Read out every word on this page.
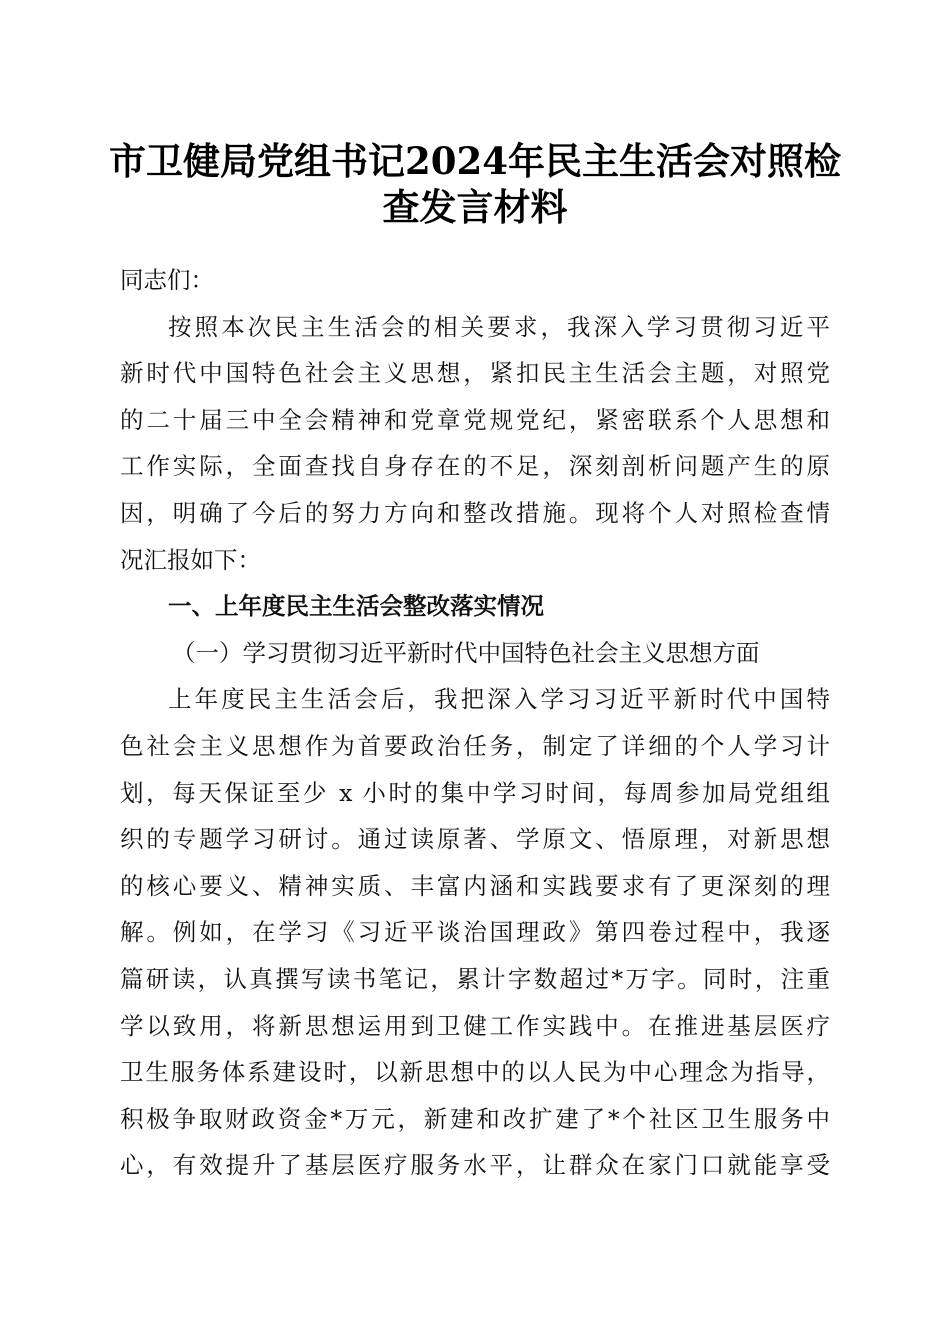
市卫健局党组书记2024年民主生活会对照检
查发言材料
同志们：
按照本次民主生活会的相关要求，我深入学习贯彻习近平
新时代中国特色社会主义思想，紧扣民主生活会主题，对照党
的二十届三中全会精神和党章党规党纪，紧密联系个人思想和
工作实际，全面查找自身存在的不足，深刻剖析问题产生的原
因，明确了今后的努力方向和整改措施。现将个人对照检查情
况汇报如下：
一、上年度民主生活会整改落实情况
（一）学习贯彻习近平新时代中国特色社会主义思想方面
上年度民主生活会后，我把深入学习习近平新时代中国特
色社会主义思想作为首要政治任务，制定了详细的个人学习计
划，每天保证至少 x 小时的集中学习时间，每周参加局党组组
织的专题学习研讨。通过读原著、学原文、悟原理，对新思想
的核心要义、精神实质、丰富内涵和实践要求有了更深刻的理
解。例如，在学习《习近平谈治国理政》第四卷过程中，我逐
篇研读，认真撰写读书笔记，累计字数超过*万字。同时，注重
学以致用，将新思想运用到卫健工作实践中。在推进基层医疗
卫生服务体系建设时，以新思想中的以人民为中心理念为指导，
积极争取财政资金*万元，新建和改扩建了*个社区卫生服务中
心，有效提升了基层医疗服务水平，让群众在家门口就能享受
